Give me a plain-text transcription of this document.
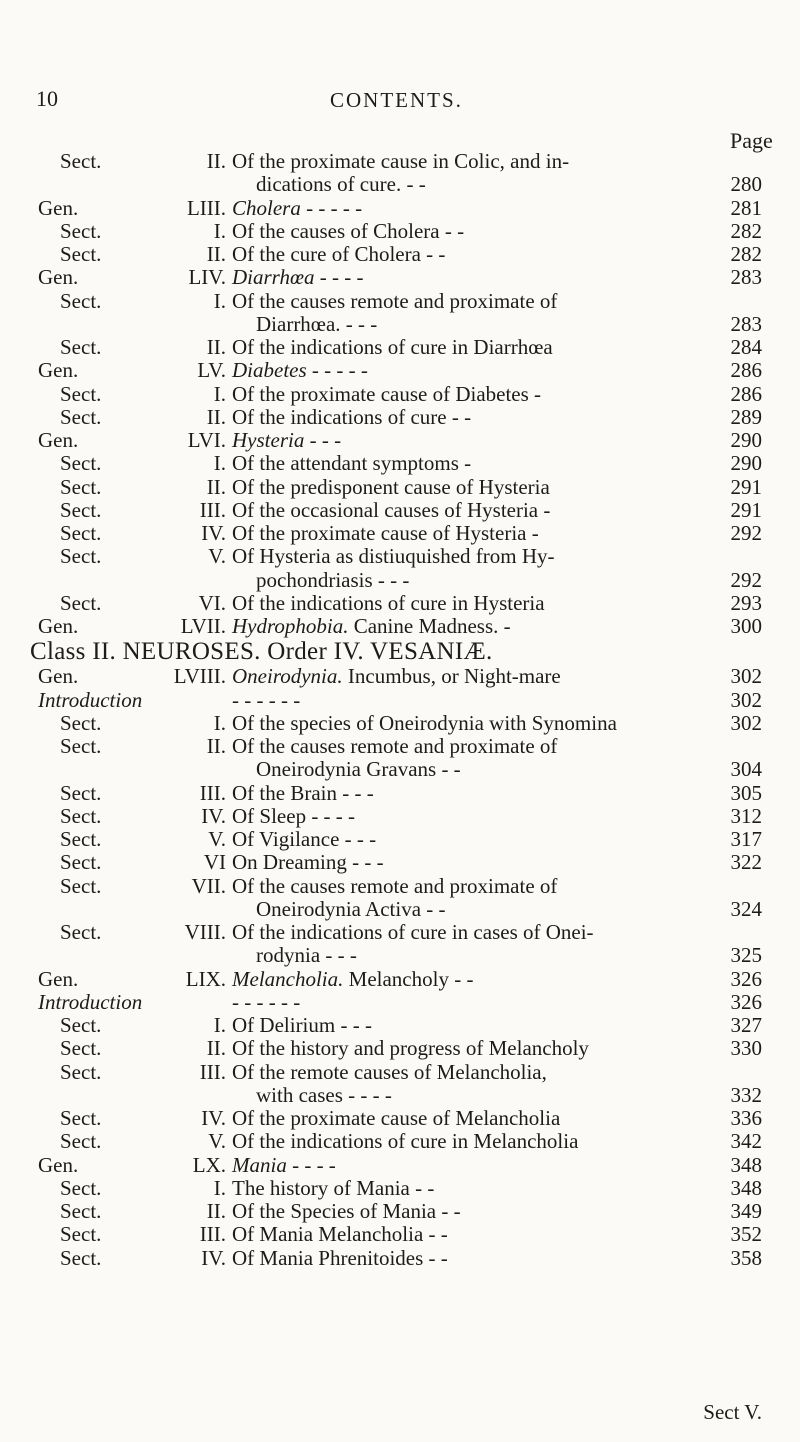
10	CONTENTS.
Page
Sect.	II. Of the proximate cause in Colic, and in-
dications of cure. - -	280
Gen.	LIII. Cholera - - - - -	281
Sect.	I. Of the causes of Cholera - -	282
Sect.	II. Of the cure of Cholera - -	282
Gen.	LIV. Diarrhœa - - - -	283
Sect.	I. Of the causes remote and proximate of
Diarrhœa. - - -	283
Sect.	II. Of the indications of cure in Diarrhœa	284
Gen.	LV. Diabetes - - - - -	286
Sect.	I. Of the proximate cause of Diabetes -	286
Sect.	II. Of the indications of cure - -	289
Gen.	LVI. Hysteria - - -	290
Sect.	I. Of the attendant symptoms -	290
Sect.	II. Of the predisponent cause of Hysteria	291
Sect.	III. Of the occasional causes of Hysteria -	291
Sect.	IV. Of the proximate cause of Hysteria -	292
Sect.	V. Of Hysteria as distiuquished from Hy-
pochondriasis - - -	292
Sect.	VI. Of the indications of cure in Hysteria	293
Gen.	LVII. Hydrophobia. Canine Madness. -	300
Class II. NEUROSES. Order IV. VESANIÆ.
Gen.	LVIII. Oneirodynia. Incumbus, or Night-mare	302
Introduction	- - - - - -	302
Sect.	I. Of the species of Oneirodynia with Synomina	302
Sect.	II. Of the causes remote and proximate of
Oneirodynia Gravans - -	304
Sect.	III. Of the Brain - - -	305
Sect.	IV. Of Sleep - - - -	312
Sect.	V. Of Vigilance - - -	317
Sect.	VI On Dreaming - - -	322
Sect.	VII. Of the causes remote and proximate of
Oneirodynia Activa - -	324
Sect.	VIII. Of the indications of cure in cases of Onei-
rodynia - - -	325
Gen.	LIX. Melancholia. Melancholy - -	326
Introduction	- - - - - -	326
Sect.	I. Of Delirium - - -	327
Sect.	II. Of the history and progress of Melancholy	330
Sect.	III. Of the remote causes of Melancholia,
with cases - - - -	332
Sect.	IV. Of the proximate cause of Melancholia	336
Sect.	V. Of the indications of cure in Melancholia	342
Gen.	LX. Mania - - - -	348
Sect.	I. The history of Mania - -	348
Sect.	II. Of the Species of Mania - -	349
Sect.	III. Of Mania Melancholia - -	352
Sect.	IV. Of Mania Phrenitoides - -	358
Sect V.
